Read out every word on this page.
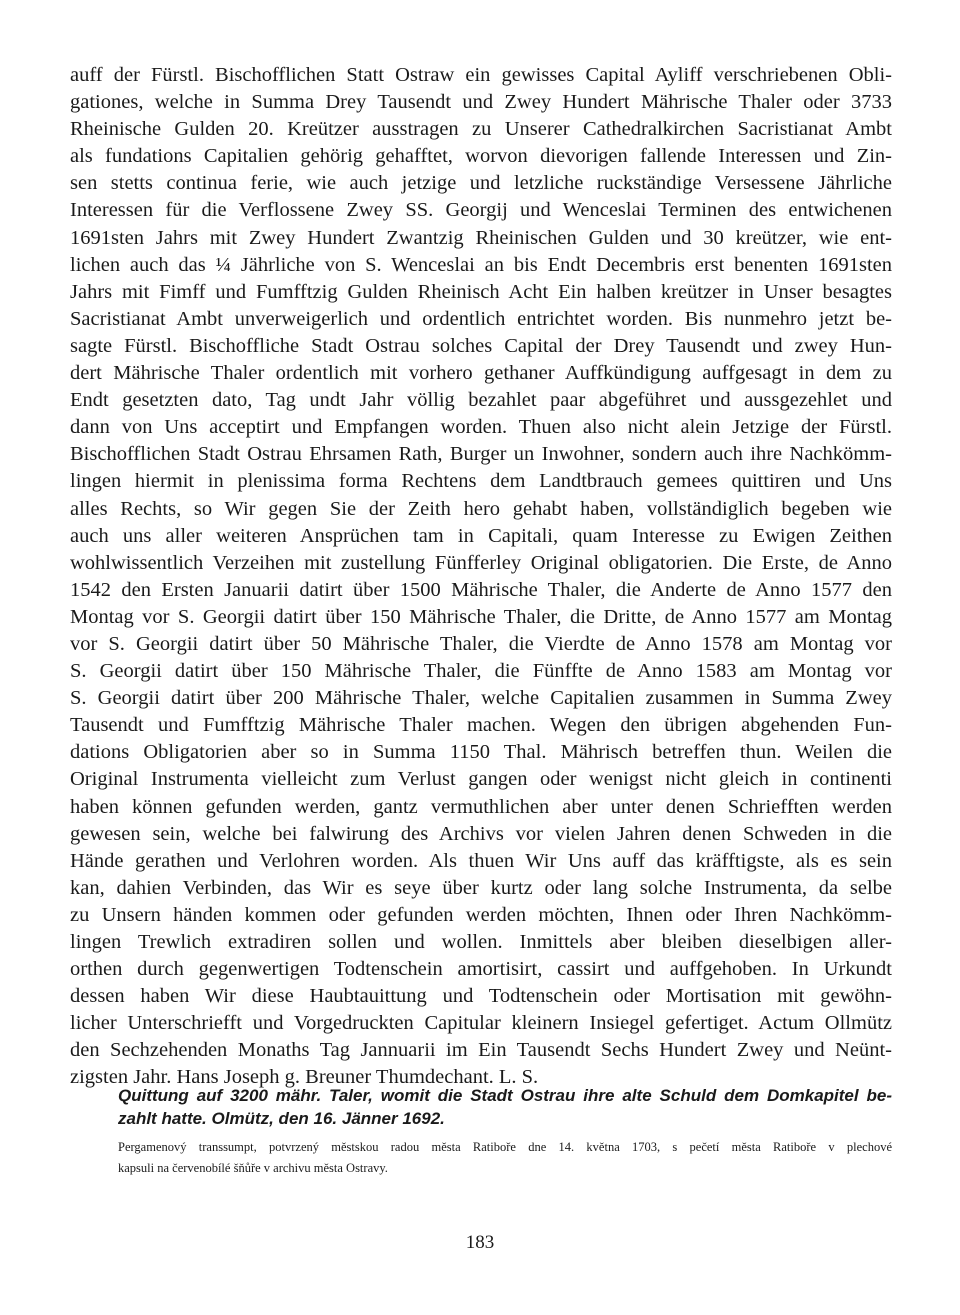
auff der Fürstl. Bischofflichen Statt Ostraw ein gewisses Capital Ayliff verschriebenen Obli-
gationes, welche in Summa Drey Tausendt und Zwey Hundert Mährische Thaler oder 3733
Rheinische Gulden 20. Kreützer ausstragen zu Unserer Cathedralkirchen Sacristianat Ambt
als fundations Capitalien gehörig gehafftet, worvon dievorigen fallende Interessen und Zin-
sen stetts continua ferie, wie auch jetzige und letzliche ruckständige Versessene Jährliche
Interessen für die Verflossene Zwey SS. Georgij und Wenceslai Terminen des entwichenen
1691sten Jahrs mit Zwey Hundert Zwantzig Rheinischen Gulden und 30 kreützer, wie ent-
lichen auch das ¼ Jährliche von S. Wenceslai an bis Endt Decembris erst benenten 1691sten
Jahrs mit Fimff und Fumfftzig Gulden Rheinisch Acht Ein halben kreützer in Unser besagtes
Sacristianat Ambt unverweigerlich und ordentlich entrichtet worden. Bis nunmehro jetzt be-
sagte Fürstl. Bischoffliche Stadt Ostrau solches Capital der Drey Tausendt und zwey Hun-
dert Mährische Thaler ordentlich mit vorhero gethaner Auffkündigung auffgesagt in dem zu
Endt gesetzten dato, Tag undt Jahr völlig bezahlet paar abgeführet und aussgezehlet und
dann von Uns acceptirt und Empfangen worden. Thuen also nicht alein Jetzige der Fürstl.
Bischofflichen Stadt Ostrau Ehrsamen Rath, Burger un Inwohner, sondern auch ihre Nachkömm-
lingen hiermit in plenissima forma Rechtens dem Landtbrauch gemees quittiren und Uns
alles Rechts, so Wir gegen Sie der Zeith hero gehabt haben, vollständiglich begeben wie
auch uns aller weiteren Ansprüchen tam in Capitali, quam Interesse zu Ewigen Zeithen
wohlwissentlich Verzeihen mit zustellung Fünfferley Original obligatorien. Die Erste, de Anno
1542 den Ersten Januarii datirt über 1500 Mährische Thaler, die Anderte de Anno 1577 den
Montag vor S. Georgii datirt über 150 Mährische Thaler, die Dritte, de Anno 1577 am Montag
vor S. Georgii datirt über 50 Mährische Thaler, die Vierdte de Anno 1578 am Montag vor
S. Georgii datirt über 150 Mährische Thaler, die Fünffte de Anno 1583 am Montag vor
S. Georgii datirt über 200 Mährische Thaler, welche Capitalien zusammen in Summa Zwey
Tausendt und Fumfftzig Mährische Thaler machen. Wegen den übrigen abgehenden Fun-
dations Obligatorien aber so in Summa 1150 Thal. Mährisch betreffen thun. Weilen die
Original Instrumenta vielleicht zum Verlust gangen oder wenigst nicht gleich in continenti
haben können gefunden werden, gantz vermuthlichen aber unter denen Schriefften werden
gewesen sein, welche bei falwirung des Archivs vor vielen Jahren denen Schweden in die
Hände gerathen und Verlohren worden. Als thuen Wir Uns auff das kräfftigste, als es sein
kan, dahien Verbinden, das Wir es seye über kurtz oder lang solche Instrumenta, da selbe
zu Unsern händen kommen oder gefunden werden möchten, Ihnen oder Ihren Nachkömm-
lingen Trewlich extradiren sollen und wollen. Inmittels aber bleiben dieselbigen aller-
orthen durch gegenwertigen Todtenschein amortisirt, cassirt und auffgehoben. In Urkundt
dessen haben Wir diese Haubtauittung und Todtenschein oder Mortisation mit gewöhn-
licher Unterschriefft und Vorgedruckten Capitular kleinern Insiegel gefertiget. Actum Ollmütz
den Sechzehenden Monaths Tag Jannuarii im Ein Tausendt Sechs Hundert Zwey und Neünt-
zigsten Jahr. Hans Joseph g. Breuner Thumdechant. L. S.
Quittung auf 3200 mähr. Taler, womit die Stadt Ostrau ihre alte Schuld dem Domkapitel be-
zahlt hatte. Olmütz, den 16. Jänner 1692.
Pergamenový transsumpt, potvrzený městskou radou města Ratiboře dne 14. května 1703, s pečetí města Ratiboře v plechové
kapsuli na červenobílé šňůře v archivu města Ostravy.
183
